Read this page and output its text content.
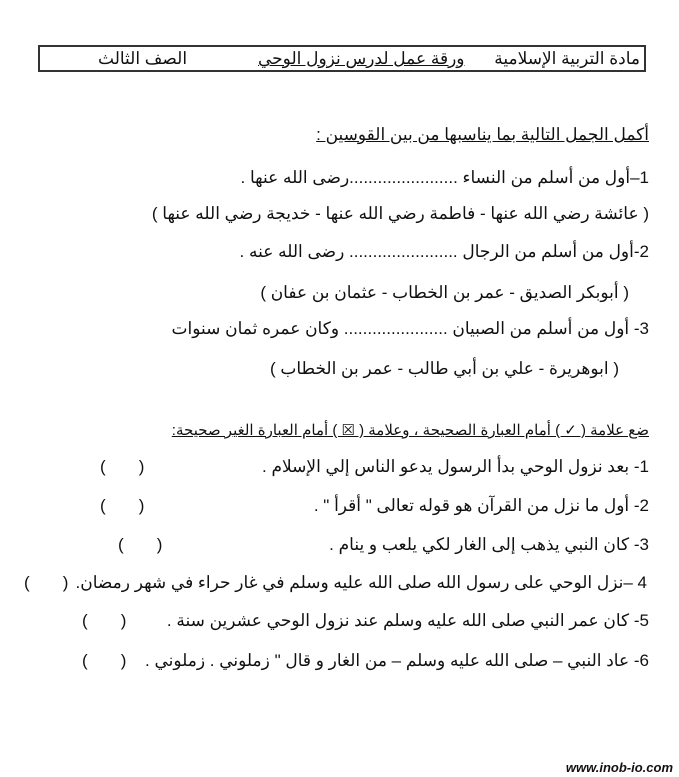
مادة التربية الإسلامية
ورقة عمل لدرس نزول الوحي
الصف الثالث
أكمل الجمل التالية بما يناسبها من بين القوسين :
1–أول من أسلم من النساء .......................رضى الله عنها .
( عائشة رضي الله عنها - فاطمة رضي الله عنها - خديجة رضي الله عنها )
2-أول من أسلم من الرجال ....................... رضى الله عنه .
( أبوبكر الصديق - عمر بن الخطاب - عثمان بن عفان )
3- أول من أسلم من الصبيان ...................... وكان عمره ثمان سنوات
( ابوهريرة - علي بن أبي طالب - عمر بن الخطاب )
ضع علامة ( ✓ ) أمام العبارة الصحيحة ، وعلامة ( ☒ ) أمام العبارة الغير صحيحة:
1- بعد نزول الوحي بدأ الرسول يدعو الناس إلي الإسلام .
(       )
2- أول ما نزل من القرآن هو قوله تعالى " أقرأ " .
(       )
3- كان النبي يذهب إلى الغار لكي يلعب و ينام .
(       )
4 –نزل الوحي على رسول الله صلى الله عليه وسلم في غار حراء في شهر رمضان.
(       )
5- كان عمر النبي صلى الله عليه وسلم عند نزول الوحي عشرين سنة .
(       )
6- عاد النبي – صلى الله عليه وسلم – من الغار و قال " زملوني . زملوني .
(       )
www.inob-io.com
